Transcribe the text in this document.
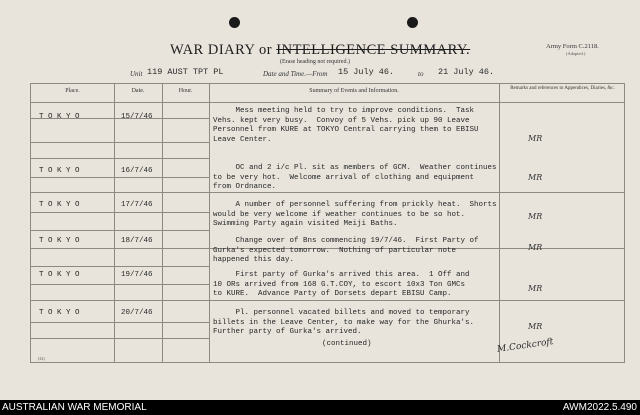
WAR DIARY or INTELLIGENCE SUMMARY.
(Erase heading not required.)
Army Form C.2118.
(Adapted.)
Unit 119 AUST TPT PL	Date and Time.—From 15 July 46.	to 21 July 46.
Place.	Date.	Hour.	Summary of Events and Information.	Remarks and references to Appendices, Diaries, &c.
T O K Y O	15/7/46
Mess meeting held to try to improve conditions.  Task
Vehs. kept very busy.  Convoy of 5 Vehs. pick up 90 Leave
Personnel from KURE at TOKYO Central carrying them to EBISU
Leave Center.	MR
T O K Y O	16/7/46	OC and 2 i/c Pl. sit as members of GCM.  Weather continues
to be very hot.  Welcome arrival of clothing and equipment
from Ordnance.
MR
T O K Y O	17/7/46	A number of personnel suffering from prickly heat.  Shorts
would be very welcome if weather continues to be so hot.
Swimming Party again visited Meiji Baths.
MR
T O K Y O	18/7/46	Change over of Bns commencing 19/7/46.  First Party of
Gurka's expected tomorrow.  Nothing of particular note
happened this day.
MR
T O K Y O	19/7/46	First party of Gurka's arrived this area.  1 Off and
10 ORs arrived from 168 G.T.COY, to escort 10x3 Ton GMCs
to KURE.  Advance Party of Dorsets depart EBISU Camp.
MR
T O K Y O	20/7/46	Pl. personnel vacated billets and moved to temporary
billets in the Leave Center, to make way for the Ghurka's.
Further party of Gurka's arrived.
MR
(continued)	M.Cockcroft
(32)
AUSTRALIAN WAR MEMORIAL	AWM2022.5.490
